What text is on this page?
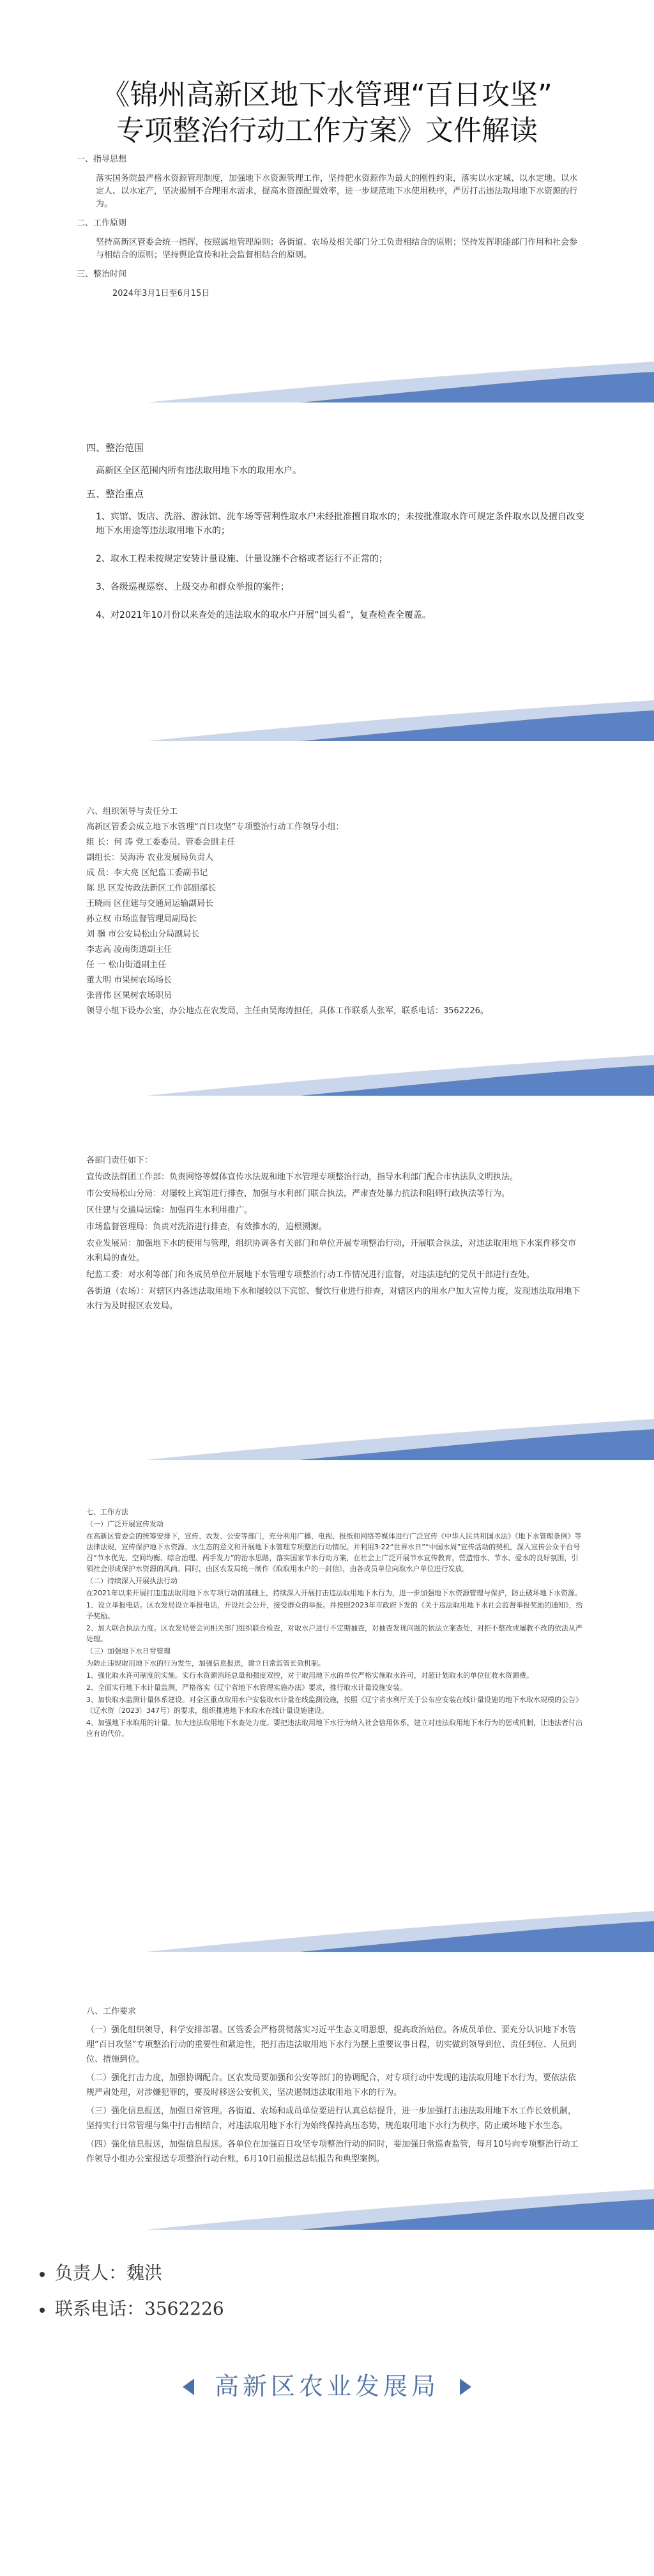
《锦州高新区地下水管理“百日攻坚”
专项整治行动工作方案》文件解读

一、指导思想

落实国务院最严格水资源管理制度，加强地下水资源管理工作，坚持把水资源作为最大的刚性约束，落实以水定城、以水定地、以水定人、以水定产，坚决遏制不合理用水需求，提高水资源配置效率，进一步规范地下水使用秩序，严厉打击违法取用地下水资源的行为。

二、工作原则

坚持高新区管委会统一指挥，按照属地管理原则；各街道、农场及相关部门分工负责相结合的原则；坚持发挥职能部门作用和社会参与相结合的原则；坚持舆论宣传和社会监督相结合的原则。

三、整治时间

2024年3月1日至6月15日

四、整治范围

高新区全区范围内所有违法取用地下水的取用水户。

五、整治重点

1、宾馆、饭店、洗浴、游泳馆、洗车场等营利性取水户未经批准擅自取水的；未按批准取水许可规定条件取水以及擅自改变地下水用途等违法取用地下水的；

2、取水工程未按规定安装计量设施、计量设施不合格或者运行不正常的；

3、各级巡视巡察、上级交办和群众举报的案件；

4、对2021年10月份以来查处的违法取水的取水户开展“回头看”，复查检查全覆盖。

六、组织领导与责任分工

高新区管委会成立地下水管理“百日攻坚”专项整治行动工作领导小组：

组 长：何 涛 党工委委员、管委会副主任

副组长：吴海涛 农业发展局负责人

成 员：李大亮 区纪监工委副书记

陈 思 区发传政法新区工作部副部长

王晓雨 区住建与交通局运输副局长

孙立权 市场监督管理局副局长

刘 骥 市公安局松山分局副局长

李志高 凌南街道副主任

任 一 松山街道副主任

董大明 市果树农场场长

张晋伟 区果树农场职员

领导小组下设办公室，办公地点在农发局，主任由吴海涛担任，具体工作联系人张军，联系电话：3562226。

各部门责任如下：

宣传政法群团工作部：负责网络等媒体宣传水法规和地下水管理专项整治行动，指导水利部门配合市执法队文明执法。

市公安局松山分局：对屡较上宾馆进行排查，加强与水利部门联合执法，严肃查处暴力抗法和阻碍行政执法等行为。

区住建与交通局运输：加强再生水利用推广。

市场监督管理局：负责对洗浴进行排查，有效推水的，追根溯源。

农业发展局：加强地下水的使用与管理，组织协调各有关部门和单位开展专项整治行动，开展联合执法，对违法取用地下水案件移交市水利局的查处。

纪监工委：对水利等部门和各成员单位开展地下水管理专项整治行动工作情况进行监督，对违法违纪的党员干部进行查处。

各街道（农场）：对辖区内各违法取用地下水和屡较以下宾馆、餐饮行业进行排查，对辖区内的用水户加大宣传力度，发现违法取用地下水行为及时报区农发局。

七、工作方法

（一）广泛开展宣传发动

在高新区管委会的统筹安排下，宣传、农发、公安等部门，充分利用广播、电视、报纸和网络等媒体进行广泛宣传《中华人民共和国水法》《地下水管理条例》等法律法规，宣传保护地下水资源、水生态的意义和开展地下水管理专项整治行动情况。并利用3·22“世界水日”“中国水周”宣传活动的契机，深入宣传公众平台号召“节水优先、空间均衡、综合治理、两手发力”的治水思路，落实国家节水行动方案，在社会上广泛开展节水宣传教育，营造惜水、节水、爱水的良好氛围，引领社会形成保护水资源的风尚。同时，由区农发局统一制作《取取用水户的一封信》，由各成员单位向取水户单位进行发放。

（二）持续深入开展执法行动

在2021年以来开展打违违法取用地下水专项行动的基础上，持续深入开展打击违法取用地下水行为，进一步加强地下水资源管理与保护，防止破坏地下水资源。

1、设立举报电话。区农发局设立举报电话，开设社会公开，接受群众的举报。并按照2023年市政府下发的《关于违法取用地下水社会监督举报奖励的通知》，给予奖励。

2、加大联合执法力度。区农发局要会同相关部门组织联合检查，对取水户进行不定期抽查，对抽查发现问题的依法立案查处，对拒不整改或屡教不改的依法从严处理。

（三）加强地下水日常管理

为防止违规取用地下水的行为发生，加强信息报送，建立日常监管长效机制。

1、强化取水许可制度的实施。实行水资源消耗总量和强度双控，对于取用地下水的单位严格实施取水许可，对超计划取水的单位征收水资源费。

2、全面实行地下水计量监测，严格落实《辽宁省地下水管理实施办法》要求，推行取水计量设施安装。

3、加快取水监测计量体系建设。对全区重点取用水户安装取水计量在线监测设施，按照《辽宁省水利厅关于公布应安装在线计量设施的地下水取水规模的公告》（辽水资〔2023〕347号）的要求，组织推进地下水取水在线计量设施建设。

4、加强地下水取用的计量。加大违法取用地下水查处力度。要把违法取用地下水行为纳入社会信用体系，建立对违法取用地下水行为的惩戒机制，让违法者付出应有的代价。

八、工作要求

（一）强化组织领导，科学安排部署。区管委会严格贯彻落实习近平生态文明思想，提高政治站位。各成员单位、要充分认识地下水管理“百日攻坚”专项整治行动的重要性和紧迫性，把打击违法取用地下水行为摆上重要议事日程，切实做到领导到位、责任到位、人员到位、措施到位。

（二）强化打击力度，加强协调配合。区农发局要加强和公安等部门的协调配合，对专项行动中发现的违法取用地下水行为，要依法依规严肃处理，对涉嫌犯罪的，要及时移送公安机关，坚决遏制违法取用地下水的行为。

（三）强化信息报送，加强日常管理。各街道、农场和成员单位要进行认真总结提升，进一步加强打击违法取用地下水工作长效机制，坚持实行日常管理与集中打击相结合，对违法取用地下水行为始终保持高压态势，规范取用地下水行为秩序，防止破坏地下水生态。

（四）强化信息报送，加强信息报送。各单位在加强百日攻坚专项整治行动的同时，要加强日常巡查监管，每月10号向专项整治行动工作领导小组办公室报送专项整治行动台账，6月10日前报送总结报告和典型案例。

负责人：魏洪
联系电话：3562226
高新区农业发展局
